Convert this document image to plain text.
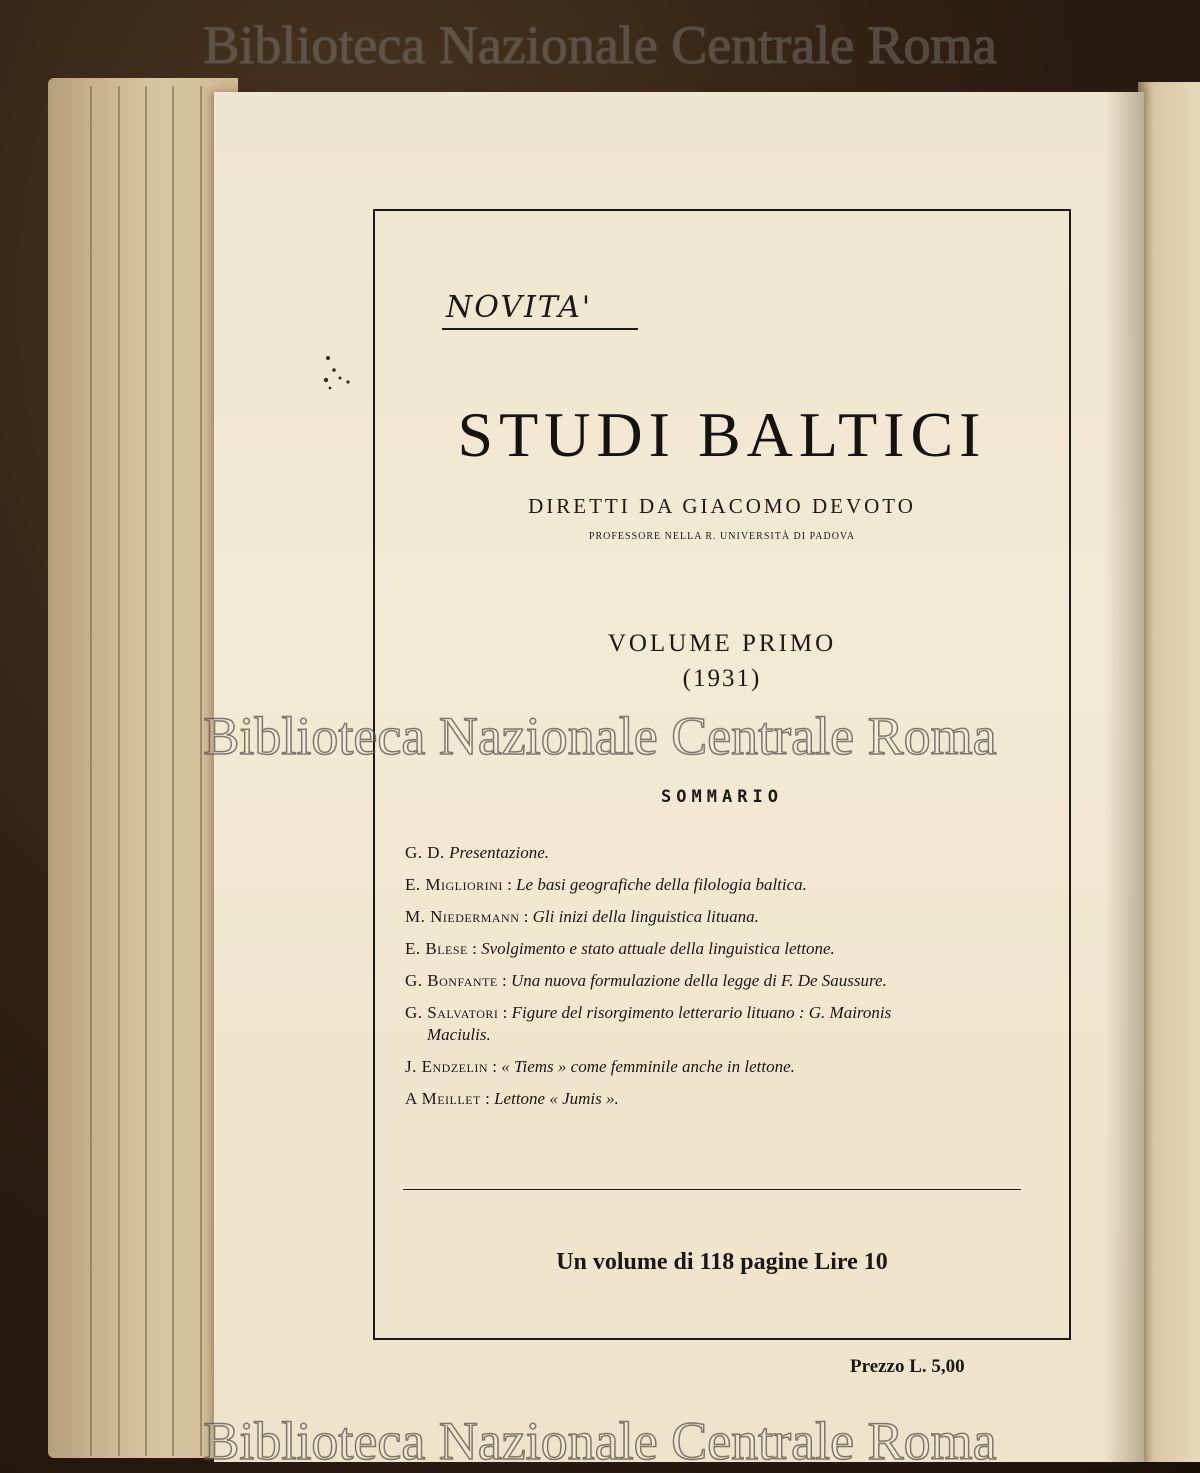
NOVITA'
STUDI BALTICI
DIRETTI DA GIACOMO DEVOTO
PROFESSORE NELLA R. UNIVERSITÀ DI PADOVA
VOLUME PRIMO
(1931)
SOMMARIO
G. D. Presentazione.
E. Migliorini : Le basi geografiche della filologia baltica.
M. Niedermann : Gli inizi della linguistica lituana.
E. Blese : Svolgimento e stato attuale della linguistica lettone.
G. Bonfante : Una nuova formulazione della legge di F. De Saussure.
G. Salvatori : Figure del risorgimento letterario lituano : G. Maironis
Maciulis.
J. Endzelin : « Tiems » come femminile anche in lettone.
A Meillet : Lettone « Jumis ».
Un volume di 118 pagine Lire 10
Prezzo L. 5,00
Biblioteca Nazionale Centrale Roma
Biblioteca Nazionale Centrale Roma
Biblioteca Nazionale Centrale Roma
